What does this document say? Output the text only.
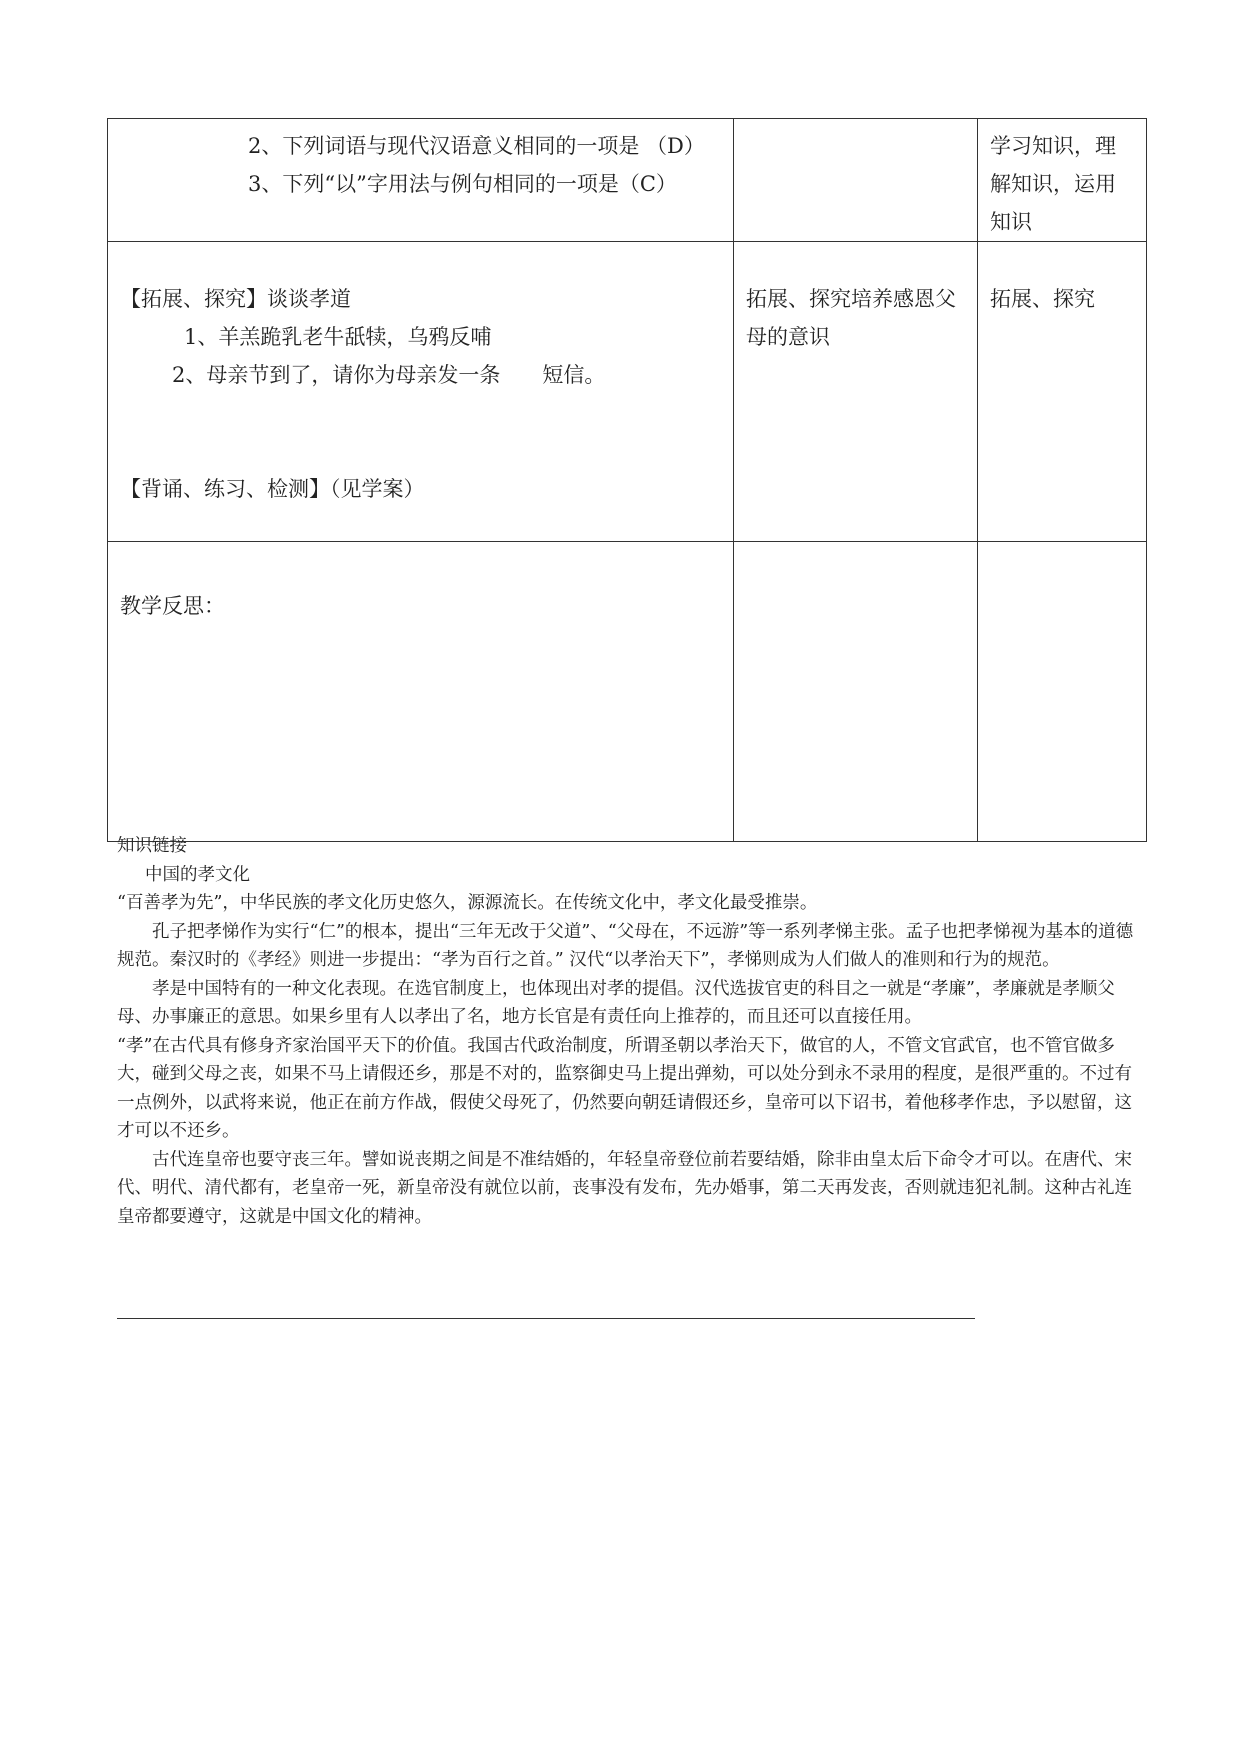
2、下列词语与现代汉语意义相同的一项是 （D）
3、下列“以”字用法与例句相同的一项是（C）		学习知识，理解知识，运用知识

【拓展、探究】谈谈孝道
1、羊羔跪乳老牛舐犊，乌鸦反哺
2、母亲节到了，请你为母亲发一条 短信。
【背诵、练习、检测】（见学案）	拓展、探究培养感恩父母的意识	拓展、探究

教学反思：		

知识链接

中国的孝文化

“百善孝为先”，中华民族的孝文化历史悠久，源源流长。在传统文化中，孝文化最受推崇。

孔子把孝悌作为实行“仁”的根本，提出“三年无改于父道”、“父母在，不远游”等一系列孝悌主张。孟子也把孝悌视为基本的道德规范。秦汉时的《孝经》则进一步提出：“孝为百行之首。” 汉代“以孝治天下”，孝悌则成为人们做人的准则和行为的规范。

孝是中国特有的一种文化表现。在选官制度上，也体现出对孝的提倡。汉代选拔官吏的科目之一就是“孝廉”，孝廉就是孝顺父母、办事廉正的意思。如果乡里有人以孝出了名，地方长官是有责任向上推荐的，而且还可以直接任用。

“孝”在古代具有修身齐家治国平天下的价值。我国古代政治制度，所谓圣朝以孝治天下，做官的人，不管文官武官，也不管官做多大，碰到父母之丧，如果不马上请假还乡，那是不对的，监察御史马上提出弹劾，可以处分到永不录用的程度，是很严重的。不过有一点例外，以武将来说，他正在前方作战，假使父母死了，仍然要向朝廷请假还乡，皇帝可以下诏书，着他移孝作忠，予以慰留，这才可以不还乡。

古代连皇帝也要守丧三年。譬如说丧期之间是不准结婚的，年轻皇帝登位前若要结婚，除非由皇太后下命令才可以。在唐代、宋代、明代、清代都有，老皇帝一死，新皇帝没有就位以前，丧事没有发布，先办婚事，第二天再发丧，否则就违犯礼制。这种古礼连皇帝都要遵守，这就是中国文化的精神。
